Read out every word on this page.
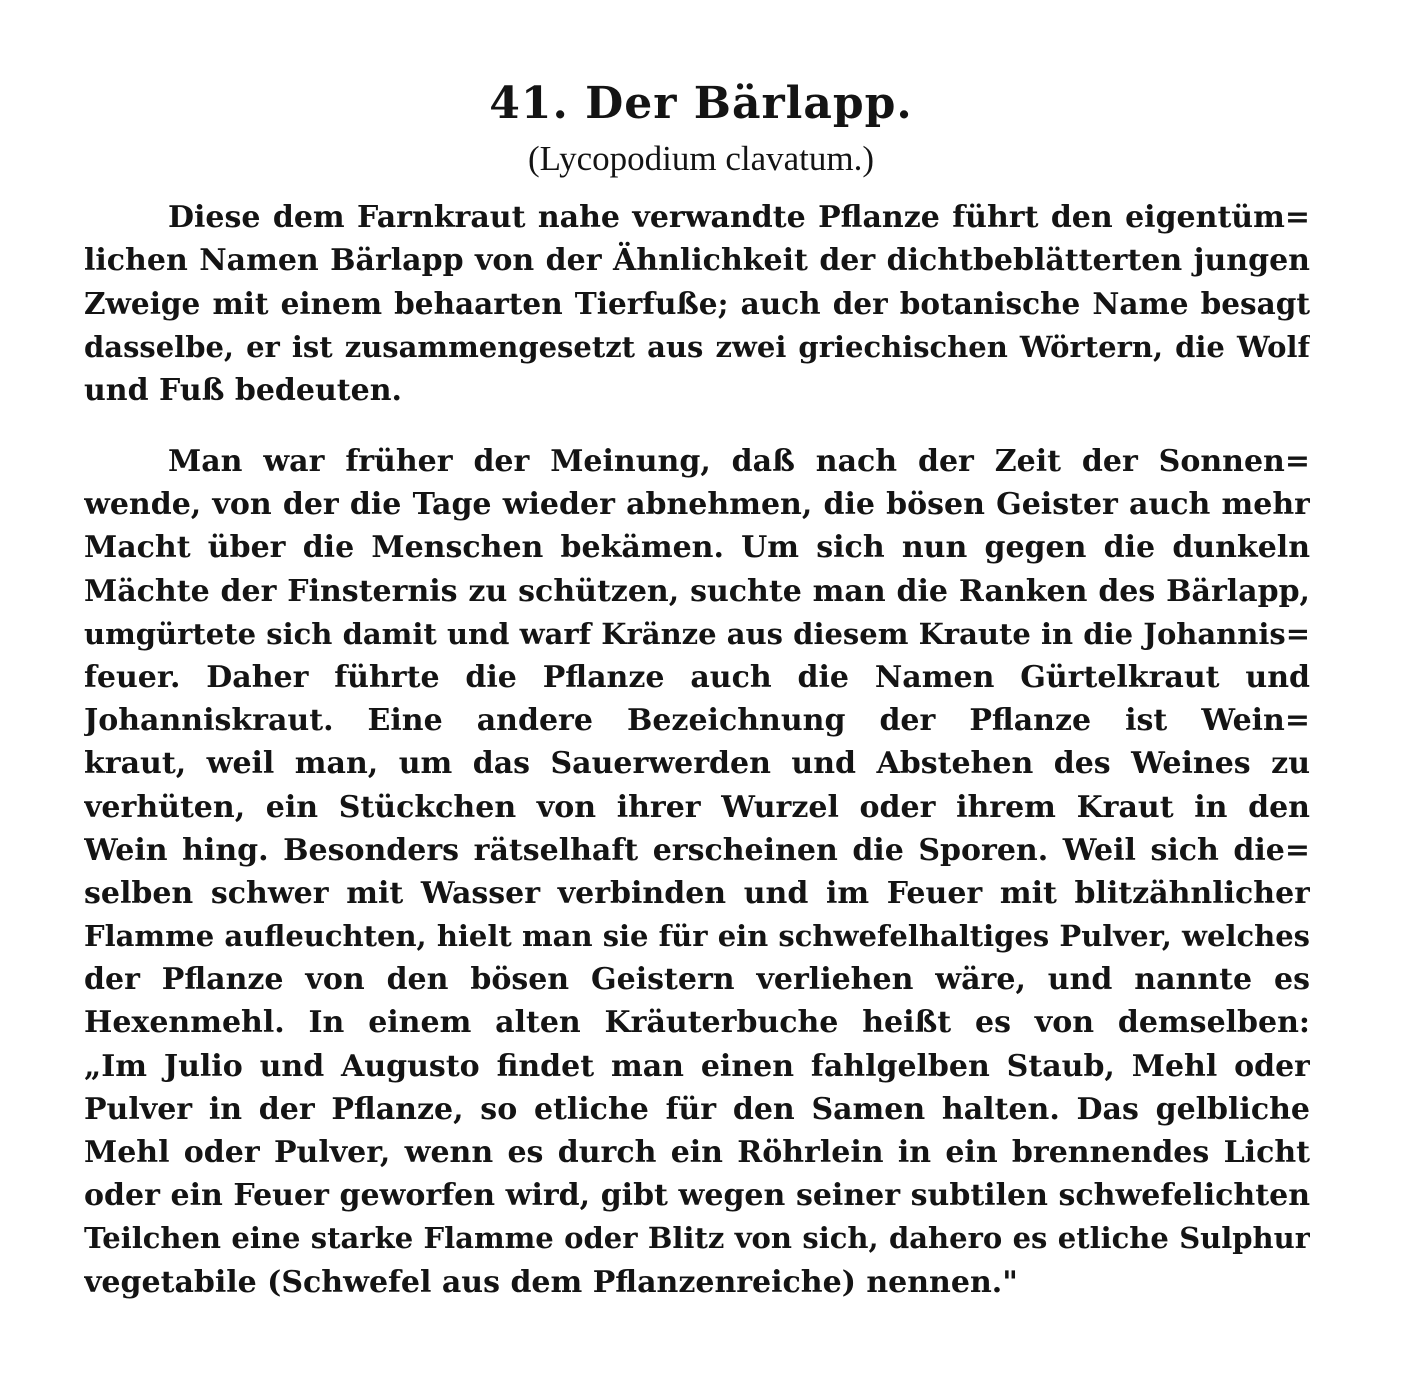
41. Der Bärlapp.
(Lycopodium clavatum.)
Diese dem Farnkraut nahe verwandte Pflanze führt den eigentüm=
lichen Namen Bärlapp von der Ähnlichkeit der dichtbeblätterten jungen
Zweige mit einem behaarten Tierfuße; auch der botanische Name besagt
dasselbe, er ist zusammengesetzt aus zwei griechischen Wörtern, die Wolf
und Fuß bedeuten.
Man war früher der Meinung, daß nach der Zeit der Sonnen=
wende, von der die Tage wieder abnehmen, die bösen Geister auch mehr
Macht über die Menschen bekämen. Um sich nun gegen die dunkeln
Mächte der Finsternis zu schützen, suchte man die Ranken des Bärlapp,
umgürtete sich damit und warf Kränze aus diesem Kraute in die Johannis=
feuer. Daher führte die Pflanze auch die Namen Gürtelkraut und
Johanniskraut. Eine andere Bezeichnung der Pflanze ist Wein=
kraut, weil man, um das Sauerwerden und Abstehen des Weines zu
verhüten, ein Stückchen von ihrer Wurzel oder ihrem Kraut in den
Wein hing. Besonders rätselhaft erscheinen die Sporen. Weil sich die=
selben schwer mit Wasser verbinden und im Feuer mit blitzähnlicher
Flamme aufleuchten, hielt man sie für ein schwefelhaltiges Pulver, welches
der Pflanze von den bösen Geistern verliehen wäre, und nannte es
Hexenmehl. In einem alten Kräuterbuche heißt es von demselben:
„Im Julio und Augusto findet man einen fahlgelben Staub, Mehl oder
Pulver in der Pflanze, so etliche für den Samen halten. Das gelbliche
Mehl oder Pulver, wenn es durch ein Röhrlein in ein brennendes Licht
oder ein Feuer geworfen wird, gibt wegen seiner subtilen schwefelichten
Teilchen eine starke Flamme oder Blitz von sich, dahero es etliche Sulphur
vegetabile (Schwefel aus dem Pflanzenreiche) nennen."
